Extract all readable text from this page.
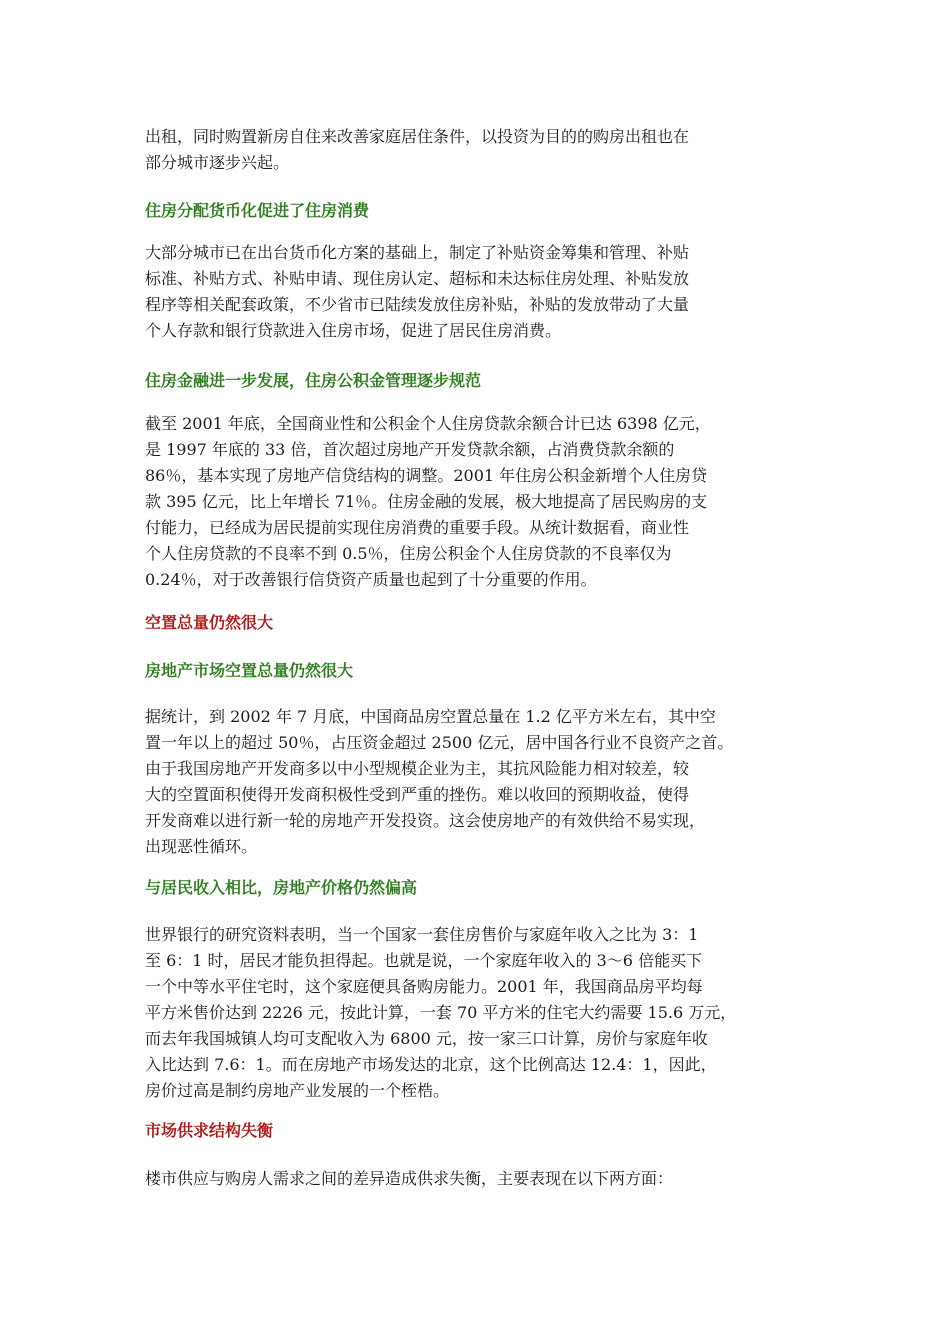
出租，同时购置新房自住来改善家庭居住条件，以投资为目的的购房出租也在
部分城市逐步兴起。
住房分配货币化促进了住房消费
大部分城市已在出台货币化方案的基础上，制定了补贴资金筹集和管理、补贴
标准、补贴方式、补贴申请、现住房认定、超标和未达标住房处理、补贴发放
程序等相关配套政策，不少省市已陆续发放住房补贴，补贴的发放带动了大量
个人存款和银行贷款进入住房市场，促进了居民住房消费。
住房金融进一步发展，住房公积金管理逐步规范
截至 2001 年底，全国商业性和公积金个人住房贷款余额合计已达 6398 亿元，
是 1997 年底的 33 倍，首次超过房地产开发贷款余额，占消费贷款余额的
86％，基本实现了房地产信贷结构的调整。2001 年住房公积金新增个人住房贷
款 395 亿元，比上年增长 71％。住房金融的发展，极大地提高了居民购房的支
付能力，已经成为居民提前实现住房消费的重要手段。从统计数据看，商业性
个人住房贷款的不良率不到 0.5％，住房公积金个人住房贷款的不良率仅为
0.24％，对于改善银行信贷资产质量也起到了十分重要的作用。
空置总量仍然很大
房地产市场空置总量仍然很大
据统计，到 2002 年 7 月底，中国商品房空置总量在 1.2 亿平方米左右，其中空
置一年以上的超过 50％，占压资金超过 2500 亿元，居中国各行业不良资产之首。
由于我国房地产开发商多以中小型规模企业为主，其抗风险能力相对较差，较
大的空置面积使得开发商积极性受到严重的挫伤。难以收回的预期收益，使得
开发商难以进行新一轮的房地产开发投资。这会使房地产的有效供给不易实现，
出现恶性循环。
与居民收入相比，房地产价格仍然偏高
世界银行的研究资料表明，当一个国家一套住房售价与家庭年收入之比为 3：1
至 6：1 时，居民才能负担得起。也就是说，一个家庭年收入的 3～6 倍能买下
一个中等水平住宅时，这个家庭便具备购房能力。2001 年，我国商品房平均每
平方米售价达到 2226 元，按此计算，一套 70 平方米的住宅大约需要 15.6 万元，
而去年我国城镇人均可支配收入为 6800 元，按一家三口计算，房价与家庭年收
入比达到 7.6：1。而在房地产市场发达的北京，这个比例高达 12.4：1，因此，
房价过高是制约房地产业发展的一个桎梏。
市场供求结构失衡
楼市供应与购房人需求之间的差异造成供求失衡，主要表现在以下两方面：
